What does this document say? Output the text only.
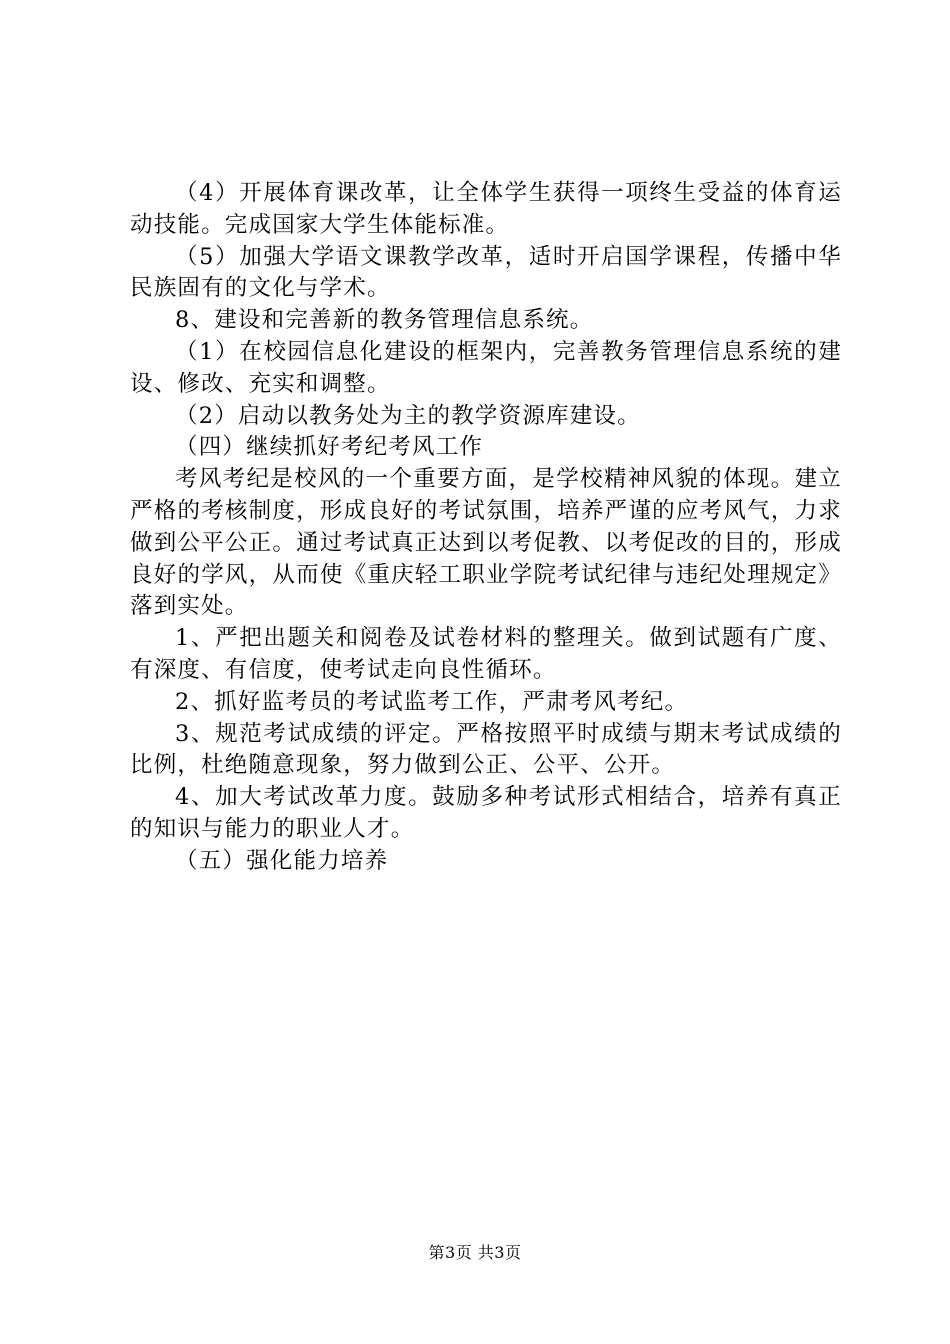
（4）开展体育课改革，让全体学生获得一项终生受益的体育运动技能。完成国家大学生体能标准。

（5）加强大学语文课教学改革，适时开启国学课程，传播中华民族固有的文化与学术。

8、建设和完善新的教务管理信息系统。

（1）在校园信息化建设的框架内，完善教务管理信息系统的建设、修改、充实和调整。

（2）启动以教务处为主的教学资源库建设。

（四）继续抓好考纪考风工作

考风考纪是校风的一个重要方面，是学校精神风貌的体现。建立严格的考核制度，形成良好的考试氛围，培养严谨的应考风气，力求做到公平公正。通过考试真正达到以考促教、以考促改的目的，形成良好的学风，从而使《重庆轻工职业学院考试纪律与违纪处理规定》落到实处。

1、严把出题关和阅卷及试卷材料的整理关。做到试题有广度、有深度、有信度，使考试走向良性循环。

2、抓好监考员的考试监考工作，严肃考风考纪。

3、规范考试成绩的评定。严格按照平时成绩与期末考试成绩的比例，杜绝随意现象，努力做到公正、公平、公开。

4、加大考试改革力度。鼓励多种考试形式相结合，培养有真正的知识与能力的职业人才。

（五）强化能力培养

第3页 共3页
